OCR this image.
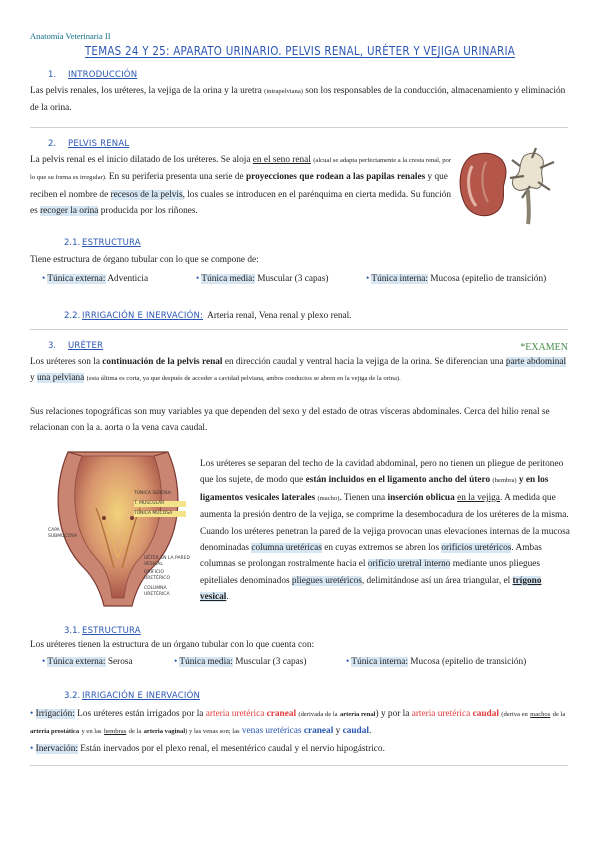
Anatomía Veterinaria II
TEMAS 24 Y 25: APARATO URINARIO. PELVIS RENAL, URÉTER Y VEJIGA URINARIA
1. INTRODUCCIÓN
Las pelvis renales, los uréteres, la vejiga de la orina y la uretra (intrapelviana) son los responsables de la conducción, almacenamiento y eliminación de la orina.
2. PELVIS RENAL
La pelvis renal es el inicio dilatado de los uréteres. Se aloja en el seno renal (alcual se adapta perfectamente a la cresta renal, por lo que su forma es irregular). En su periferia presenta una serie de proyecciones que rodean a las papilas renales y que reciben el nombre de recesos de la pelvis, los cuales se introducen en el parénquima en cierta medida. Su función es recoger la orina producida por los riñones.
2.1. ESTRUCTURA
Tiene estructura de órgano tubular con lo que se compone de:
• Túnica externa: Adventicia	• Túnica media: Muscular (3 capas)	• Túnica interna: Mucosa (epitelio de transición)
2.2. IRRIGACIÓN E INERVACIÓN: Arteria renal, Vena renal y plexo renal.
3. URÉTER	*EXAMEN
Los uréteres son la continuación de la pelvis renal en dirección caudal y ventral hacia la vejiga de la orina. Se diferencian una parte abdominal y una pelviana (esta última es corta, ya que después de acceder a cavidad pelviana, ambos conductos se abren en la vejiga de la orina).
Sus relaciones topográficas son muy variables ya que dependen del sexo y del estado de otras vísceras abdominales. Cerca del hilio renal se relacionan con la a. aorta o la vena cava caudal.
TÚNICA SEROSA
T. MUSCULAR
TÚNICA MUCOSA
CAPA SUBMUCOSA
UÉTER EN LA PARED VESICAL
ORIFICIO URETÉRICO
COLUMNA URETÉRICA
Los uréteres se separan del techo de la cavidad abdominal, pero no tienen un pliegue de peritoneo que los sujete, de modo que están incluidos en el ligamento ancho del útero (hembra) y en los ligamentos vesicales laterales (macho). Tienen una inserción oblicua en la vejiga. A medida que aumenta la presión dentro de la vejiga, se comprime la desembocadura de los uréteres de la misma. Cuando los uréteres penetran la pared de la vejiga provocan unas elevaciones internas de la mucosa denominadas columna uretéricas en cuyas extremos se abren los orificios uretéricos. Ambas columnas se prolongan rostralmente hacia el orificio uretral interno mediante unos pliegues epiteliales denominados pliegues uretéricos, delimitándose así un área triangular, el trígono vesical.
3.1. ESTRUCTURA
Los uréteres tienen la estructura de un órgano tubular con lo que cuenta con:
• Túnica externa: Serosa	• Túnica media: Muscular (3 capas)	• Túnica interna: Mucosa (epitelio de transición)
3.2. IRRIGACIÓN E INERVACIÓN
• Irrigación: Los uréteres están irrigados por la arteria uretérica craneal (derivada de la arteria renal) y por la arteria uretérica caudal (deriva en machos de la arteria prostática y en las hembras de la arteria vaginal) y las venas son; las venas uretéricas craneal y caudal.
• Inervación: Están inervados por el plexo renal, el mesentérico caudal y el nervio hipogástrico.
